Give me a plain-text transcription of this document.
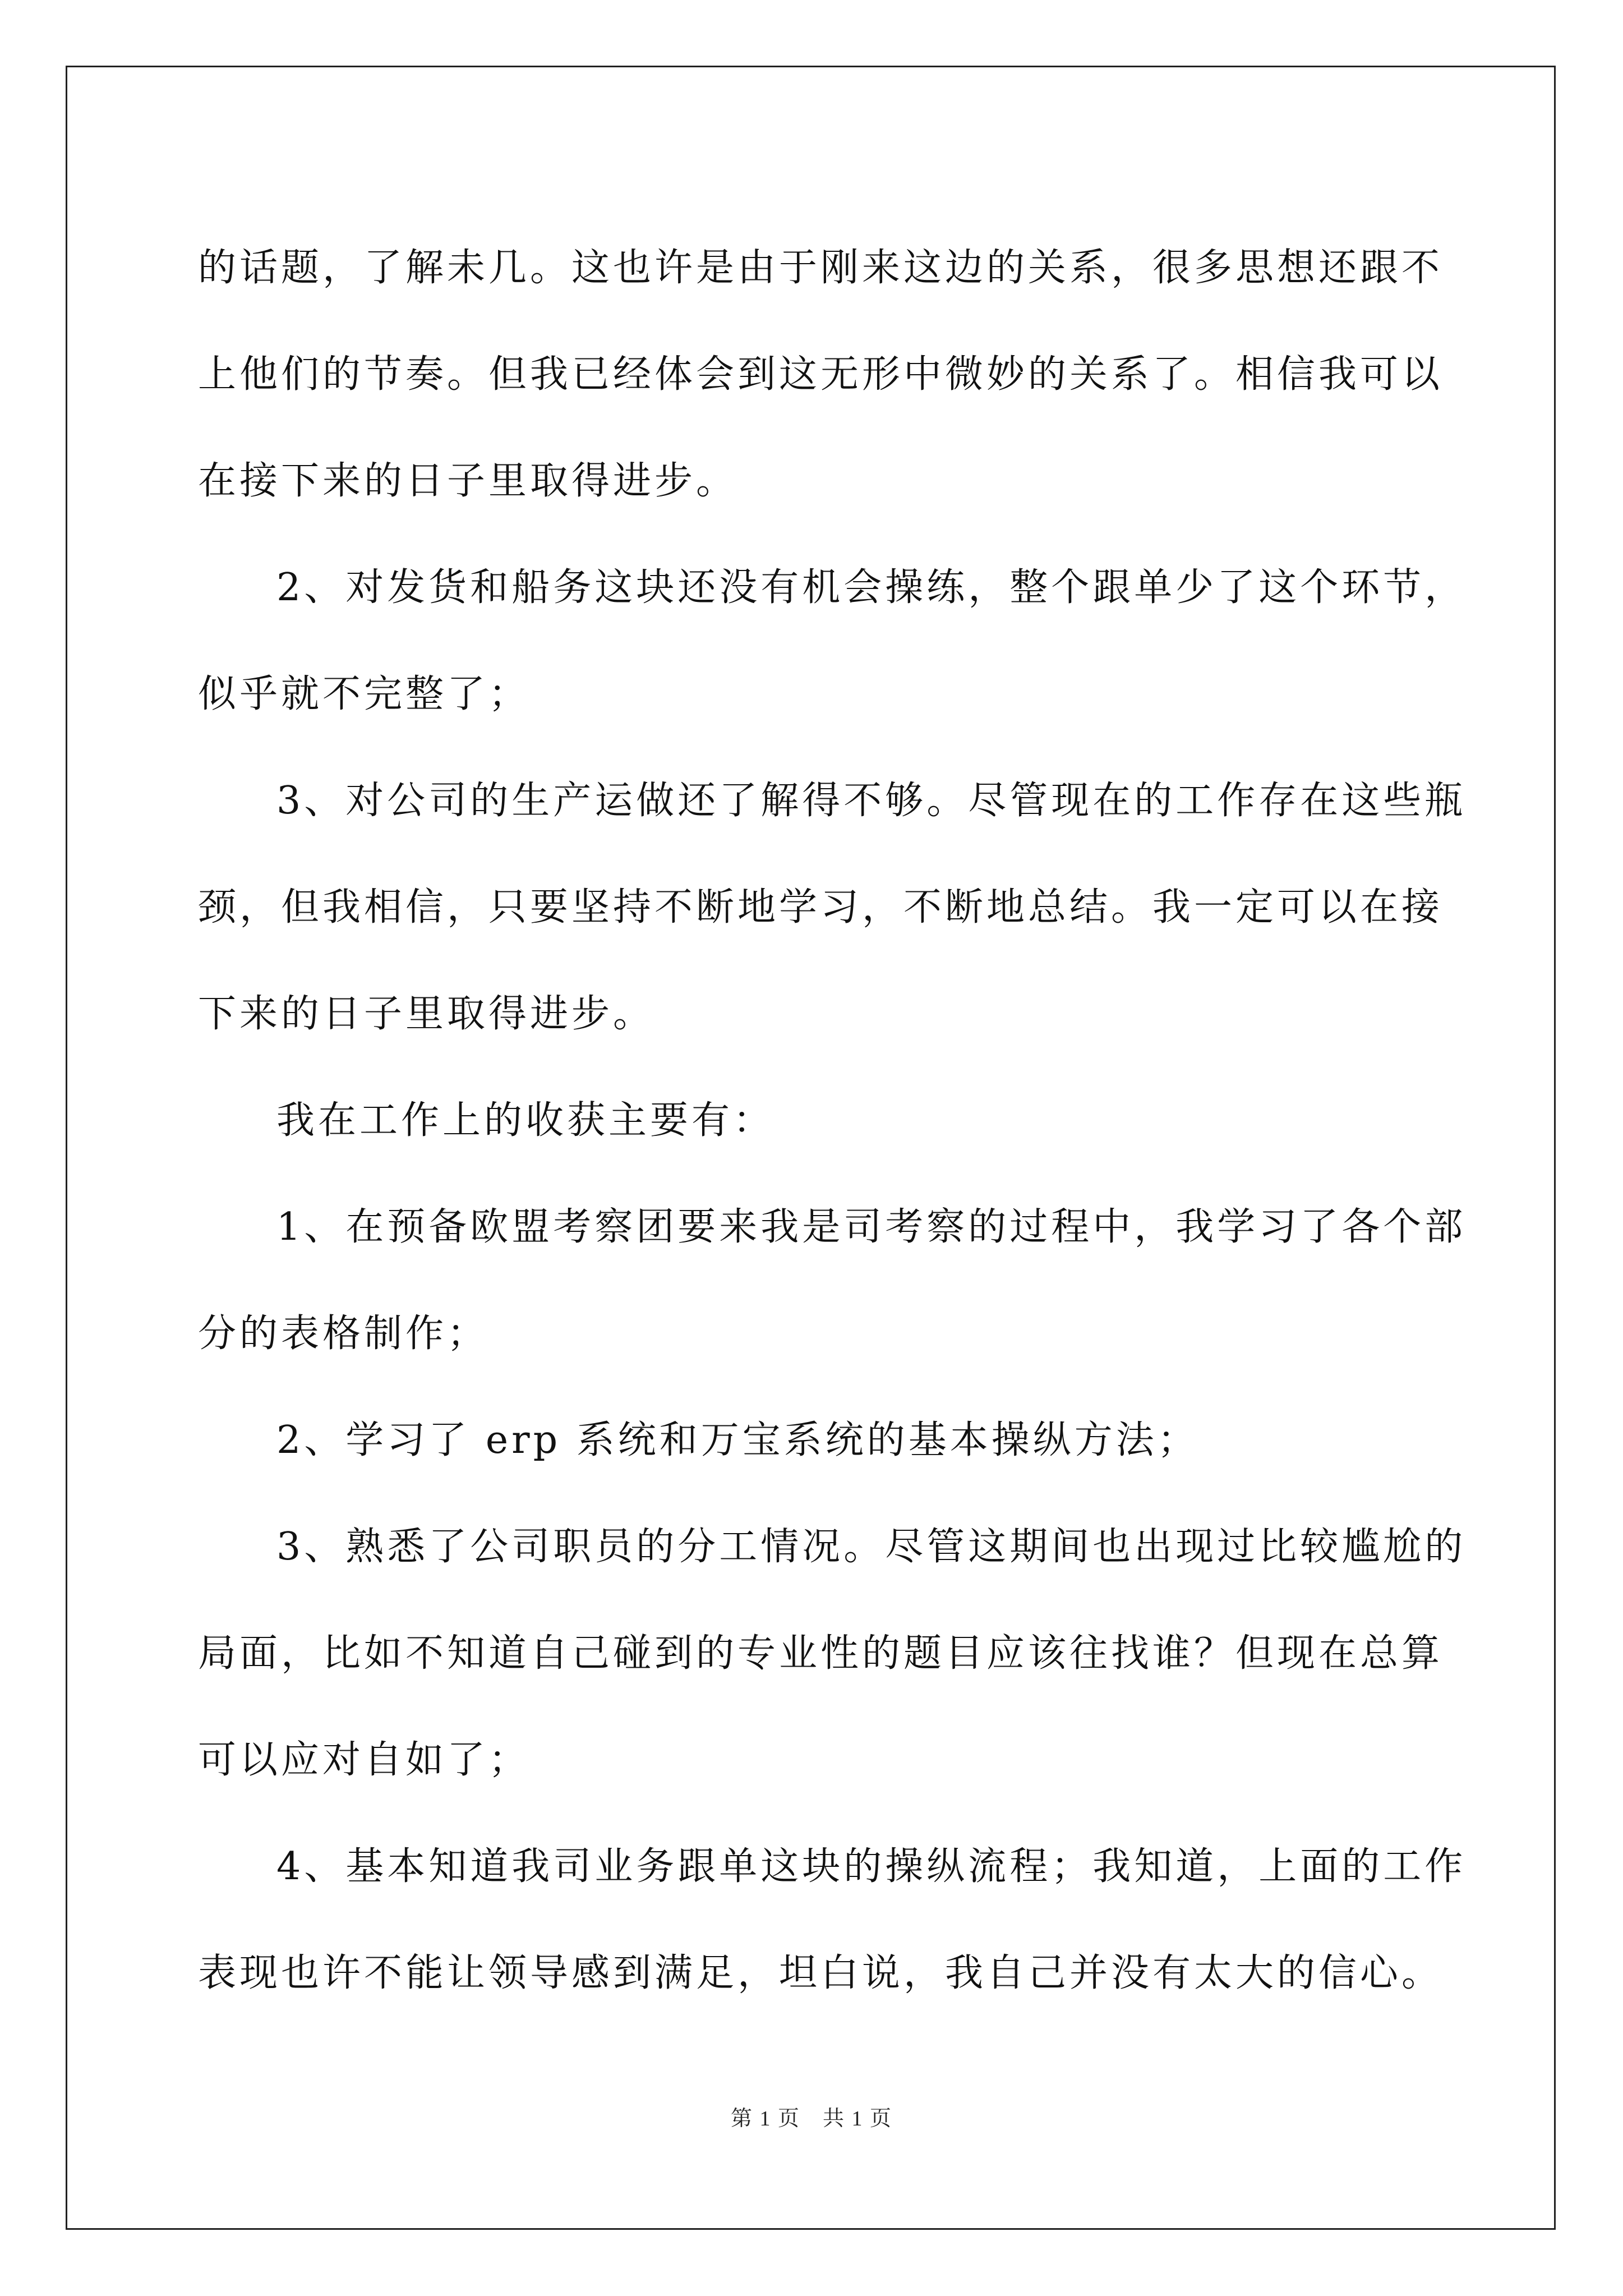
的话题，了解未几。这也许是由于刚来这边的关系，很多思想还跟不

上他们的节奏。但我已经体会到这无形中微妙的关系了。相信我可以

在接下来的日子里取得进步。

2、对发货和船务这块还没有机会操练，整个跟单少了这个环节，

似乎就不完整了；

3、对公司的生产运做还了解得不够。尽管现在的工作存在这些瓶

颈，但我相信，只要坚持不断地学习，不断地总结。我一定可以在接

下来的日子里取得进步。

我在工作上的收获主要有：

1、在预备欧盟考察团要来我是司考察的过程中，我学习了各个部

分的表格制作；

2、学习了 erp 系统和万宝系统的基本操纵方法；

3、熟悉了公司职员的分工情况。尽管这期间也出现过比较尴尬的

局面，比如不知道自己碰到的专业性的题目应该往找谁？但现在总算

可以应对自如了；

4、基本知道我司业务跟单这块的操纵流程；我知道，上面的工作

表现也许不能让领导感到满足，坦白说，我自己并没有太大的信心。

第 1 页　共 1 页
